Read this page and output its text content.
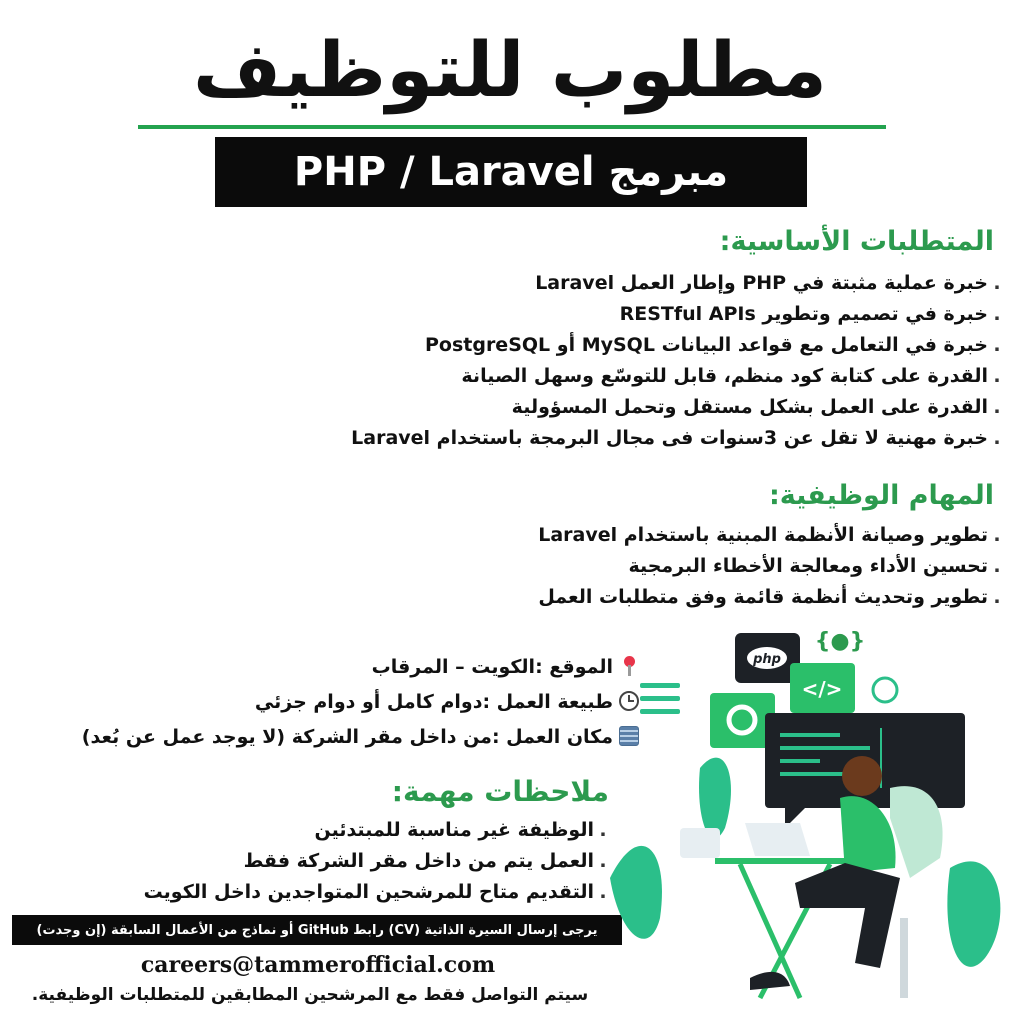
مطلوب للتوظيف
مبرمج PHP / Laravel
المتطلبات الأساسية:
.خبرة عملية مثبتة في PHP وإطار العمل Laravel
.خبرة في تصميم وتطوير RESTful APIs
.خبرة في التعامل مع قواعد البيانات MySQL أو PostgreSQL
.القدرة على كتابة كود منظم، قابل للتوسّع وسهل الصيانة
.القدرة على العمل بشكل مستقل وتحمل المسؤولية
.خبرة مهنية لا تقل عن 3سنوات فى مجال البرمجة باستخدام Laravel
المهام الوظيفية:
.تطوير وصيانة الأنظمة المبنية باستخدام Laravel
.تحسين الأداء ومعالجة الأخطاء البرمجية
.تطوير وتحديث أنظمة قائمة وفق متطلبات العمل
الموقع :الكويت – المرقاب
طبيعة العمل :دوام كامل أو دوام جزئي
مكان العمل :من داخل مقر الشركة (لا يوجد عمل عن بُعد)
ملاحظات مهمة:
.الوظيفة غير مناسبة للمبتدئين
.العمل يتم من داخل مقر الشركة فقط
.التقديم متاح للمرشحين المتواجدين داخل الكويت
يرجى إرسال السيرة الذاتية (CV) رابط GitHub أو نماذج من الأعمال السابقة (إن وجدت)
careers@tammerofficial.com
سيتم التواصل فقط مع المرشحين المطابقين للمتطلبات الوظيفية.
php
{●}
</>
